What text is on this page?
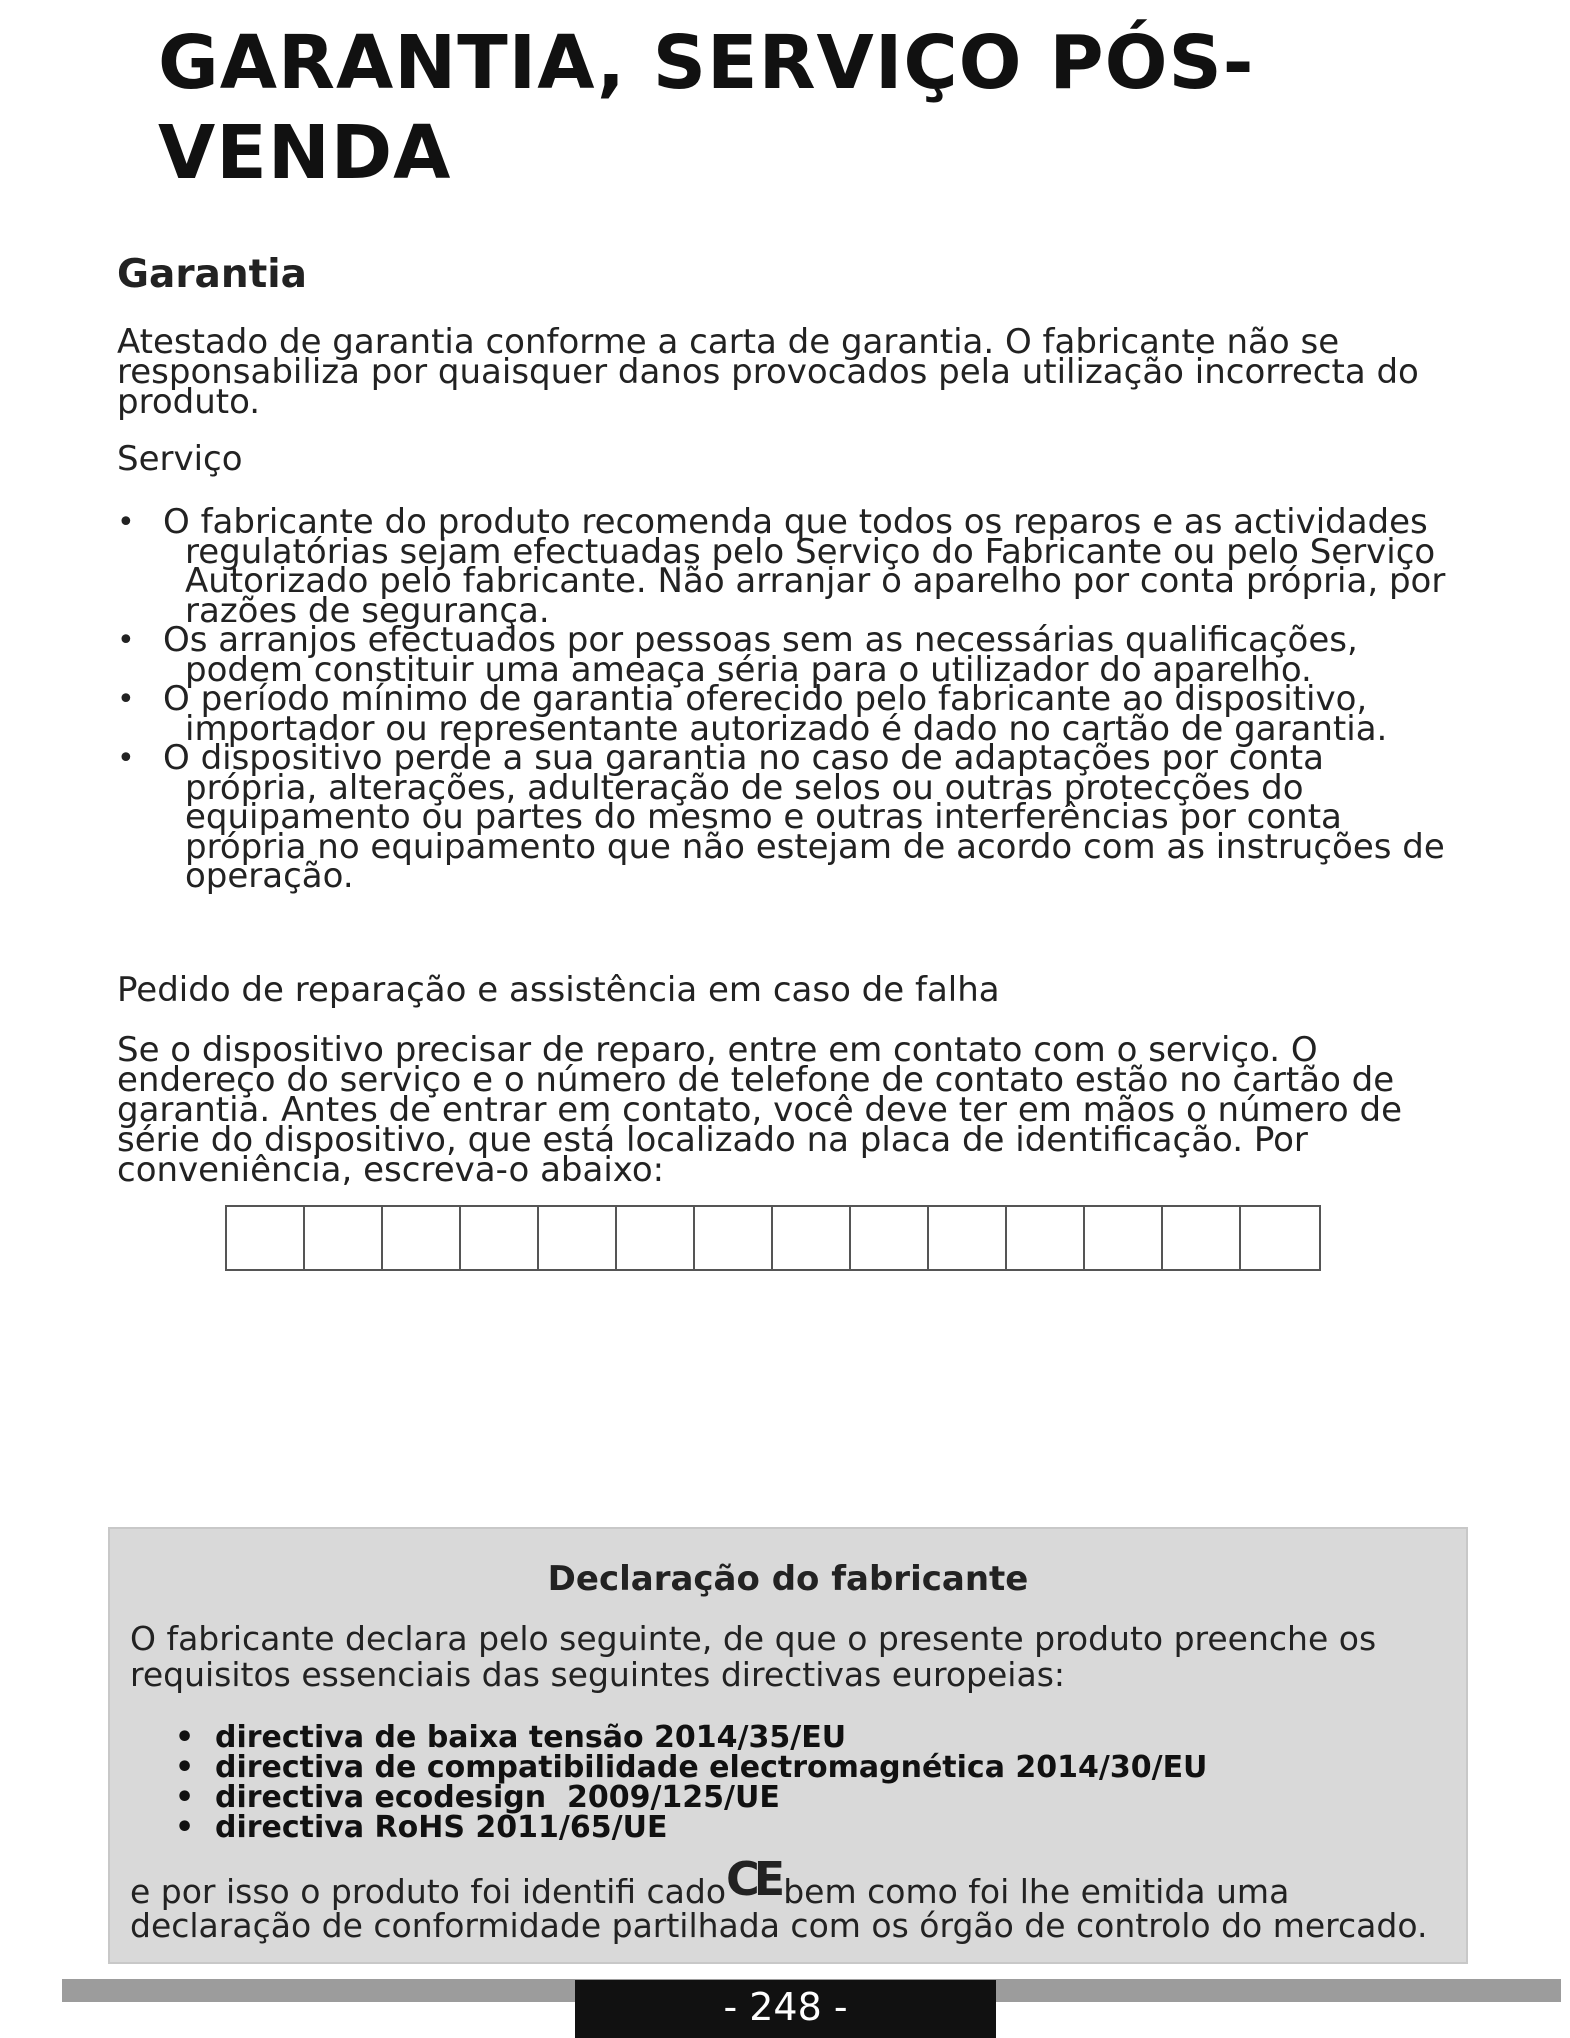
GARANTIA, SERVIÇO PÓS-VENDA
Garantia

Atestado de garantia conforme a carta de garantia. O fabricante não se responsabiliza por quaisquer danos provocados pela utilização incorrecta do produto.

Serviço

• O fabricante do produto recomenda que todos os reparos e as actividades regulatórias sejam efectuadas pelo Serviço do Fabricante ou pelo Serviço Autorizado pelo fabricante. Não arranjar o aparelho por conta própria, por razões de segurança.
• Os arranjos efectuados por pessoas sem as necessárias qualificações, podem constituir uma ameaça séria para o utilizador do aparelho.
• O período mínimo de garantia oferecido pelo fabricante ao dispositivo, importador ou representante autorizado é dado no cartão de garantia.
• O dispositivo perde a sua garantia no caso de adaptações por conta própria, alterações, adulteração de selos ou outras protecções do equipamento ou partes do mesmo e outras interferências por conta própria no equipamento que não estejam de acordo com as instruções de operação.

Pedido de reparação e assistência em caso de falha

Se o dispositivo precisar de reparo, entre em contato com o serviço. O endereço do serviço e o número de telefone de contato estão no cartão de garantia. Antes de entrar em contato, você deve ter em mãos o número de série do dispositivo, que está localizado na placa de identificação. Por conveniência, escreva-o abaixo:

Declaração do fabricante

O fabricante declara pelo seguinte, de que o presente produto preenche os requisitos essenciais das seguintes directivas europeias:

• directiva de baixa tensão 2014/35/EU
• directiva de compatibilidade electromagnética 2014/30/EU
• directiva ecodesign  2009/125/UE
• directiva RoHS 2011/65/UE

e por isso o produto foi identifi cadoCE bem como foi lhe emitida uma declaração de conformidade partilhada com os órgão de controlo do mercado.

- 248 -
